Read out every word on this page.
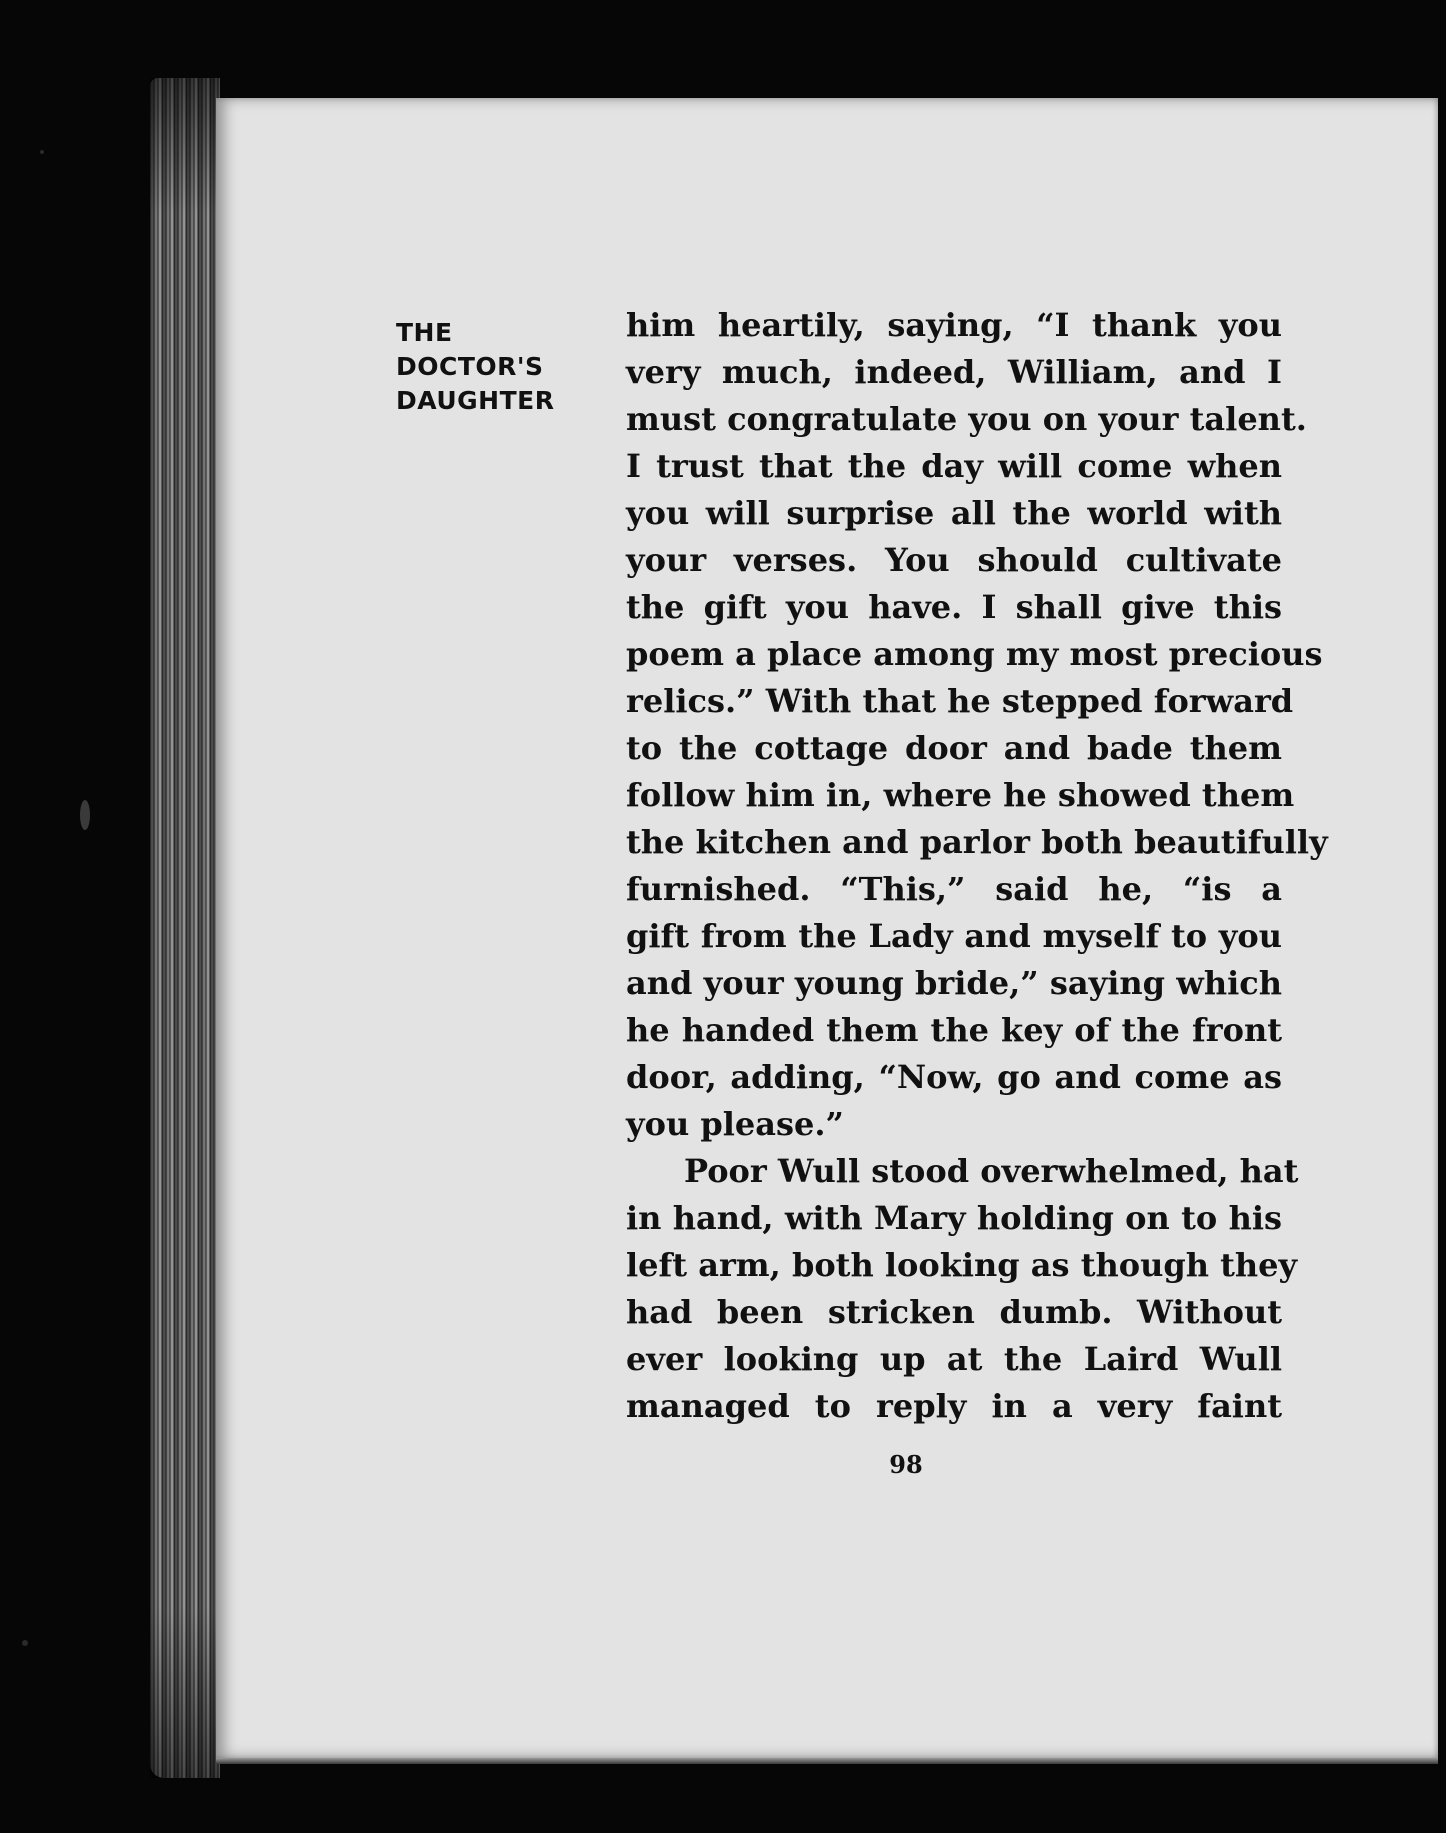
THE
DOCTOR'S
DAUGHTER
him heartily, saying, “I thank you
very much, indeed, William, and I
must congratulate you on your talent.
I trust that the day will come when
you will surprise all the world with
your verses. You should cultivate
the gift you have. I shall give this
poem a place among my most precious
relics.” With that he stepped forward
to the cottage door and bade them
follow him in, where he showed them
the kitchen and parlor both beautifully
furnished. “This,” said he, “is a
gift from the Lady and myself to you
and your young bride,” saying which
he handed them the key of the front
door, adding, “Now, go and come as
you please.”
Poor Wull stood overwhelmed, hat
in hand, with Mary holding on to his
left arm, both looking as though they
had been stricken dumb. Without
ever looking up at the Laird Wull
managed to reply in a very faint
98
